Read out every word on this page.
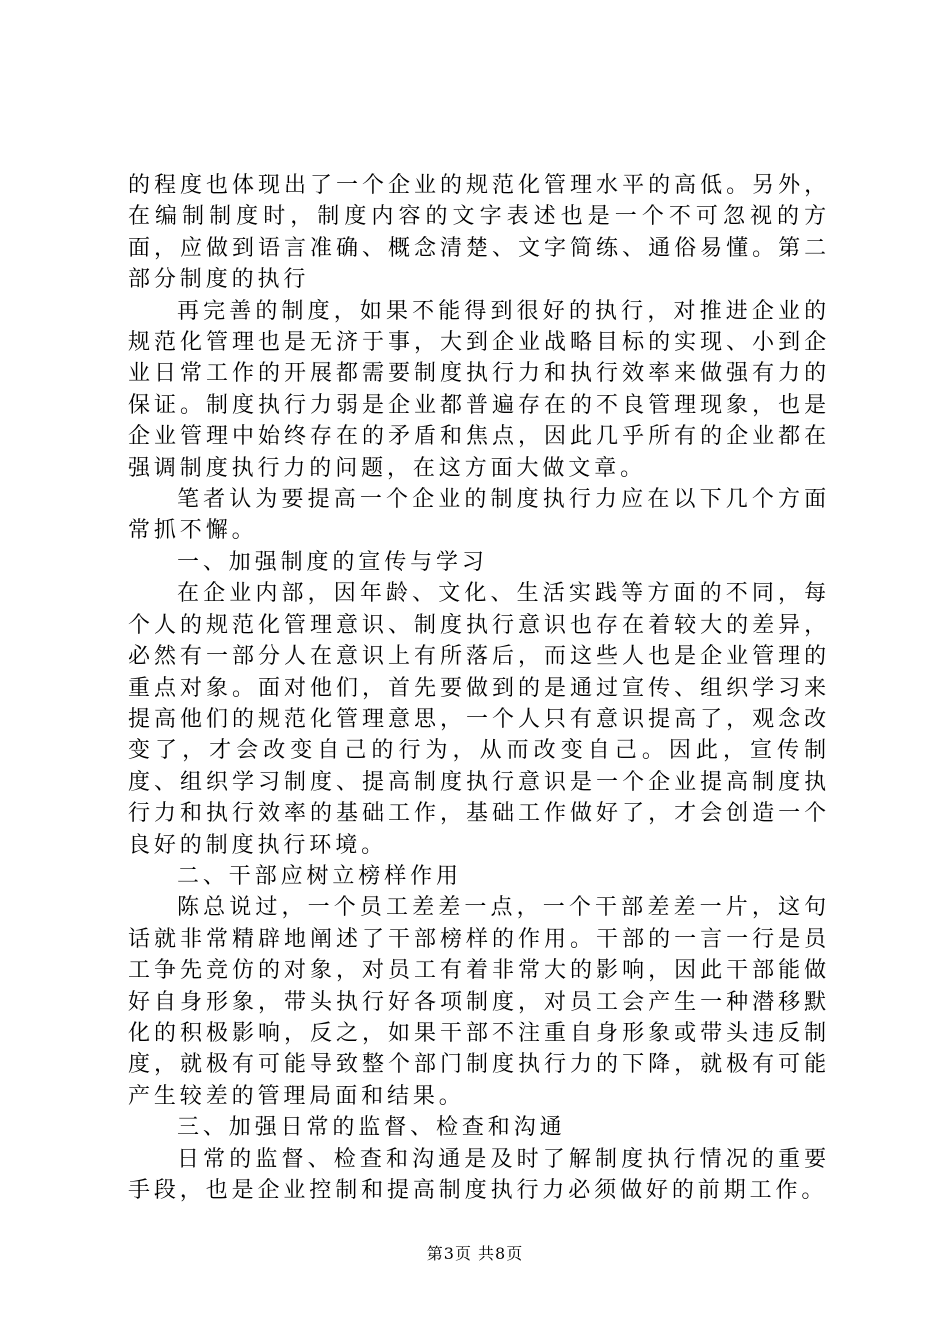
的程度也体现出了一个企业的规范化管理水平的高低。另外，在编制制度时，制度内容的文字表述也是一个不可忽视的方面，应做到语言准确、概念清楚、文字简练、通俗易懂。第二部分制度的执行

再完善的制度，如果不能得到很好的执行，对推进企业的规范化管理也是无济于事，大到企业战略目标的实现、小到企业日常工作的开展都需要制度执行力和执行效率来做强有力的保证。制度执行力弱是企业都普遍存在的不良管理现象，也是企业管理中始终存在的矛盾和焦点，因此几乎所有的企业都在强调制度执行力的问题，在这方面大做文章。

笔者认为要提高一个企业的制度执行力应在以下几个方面常抓不懈。

一、加强制度的宣传与学习

在企业内部，因年龄、文化、生活实践等方面的不同，每个人的规范化管理意识、制度执行意识也存在着较大的差异，必然有一部分人在意识上有所落后，而这些人也是企业管理的重点对象。面对他们，首先要做到的是通过宣传、组织学习来提高他们的规范化管理意思，一个人只有意识提高了，观念改变了，才会改变自己的行为，从而改变自己。因此，宣传制度、组织学习制度、提高制度执行意识是一个企业提高制度执行力和执行效率的基础工作，基础工作做好了，才会创造一个良好的制度执行环境。

二、干部应树立榜样作用

陈总说过，一个员工差差一点，一个干部差差一片，这句话就非常精辟地阐述了干部榜样的作用。干部的一言一行是员工争先竞仿的对象，对员工有着非常大的影响，因此干部能做好自身形象，带头执行好各项制度，对员工会产生一种潜移默化的积极影响，反之，如果干部不注重自身形象或带头违反制度，就极有可能导致整个部门制度执行力的下降，就极有可能产生较差的管理局面和结果。

三、加强日常的监督、检查和沟通

日常的监督、检查和沟通是及时了解制度执行情况的重要手段，也是企业控制和提高制度执行力必须做好的前期工作。

第3页 共8页
